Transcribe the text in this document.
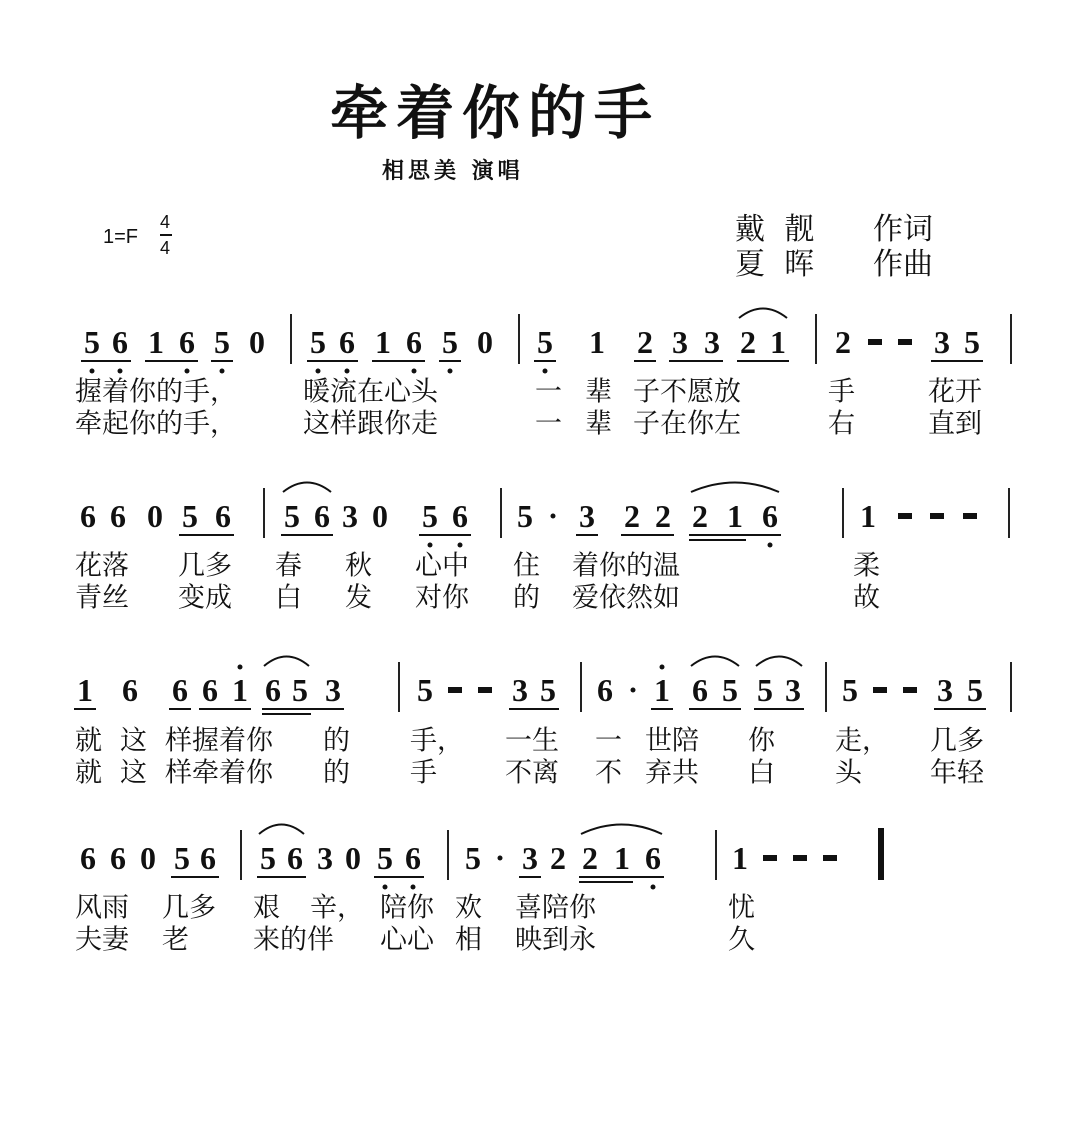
牵着你的手
相思美 演唱
1=F
4
4
戴  靓 作词
夏  晖 作曲
5 6 1 6 5 0 5 6 1 6 5 0 5 1 2 3 3 2 1 2	3 5
握着你的手， 暖流在心头	一 辈 子不愿放	手	花开
牵起你的手， 这样跟你走	一 辈 子在你左	右	直到
6 6 0 5 6 5 6 3 0 5 6 5 3 2 2 2 1 6	1
花落 几多 春 秋 心中 住 着你的温	柔
青丝 变成 白 发 对你 的 爱依然如	故
1 6 6 6 1 6 5 3 5 3 5 6 1 6 5 5 3 5 3 5
就 这 样握着你 的 手， 一生 一 世陪 你 走， 几多
就 这 样牵着你 的 手	不离 不 弃共 白 头	年轻
6 6 0 5 6 5 6 3 0 5 6 5 3 2 2 1 6 1
风雨 几多 艰 辛， 陪你 欢 喜陪你	忧
夫妻 老 来的伴 心心 相 映到永	久
